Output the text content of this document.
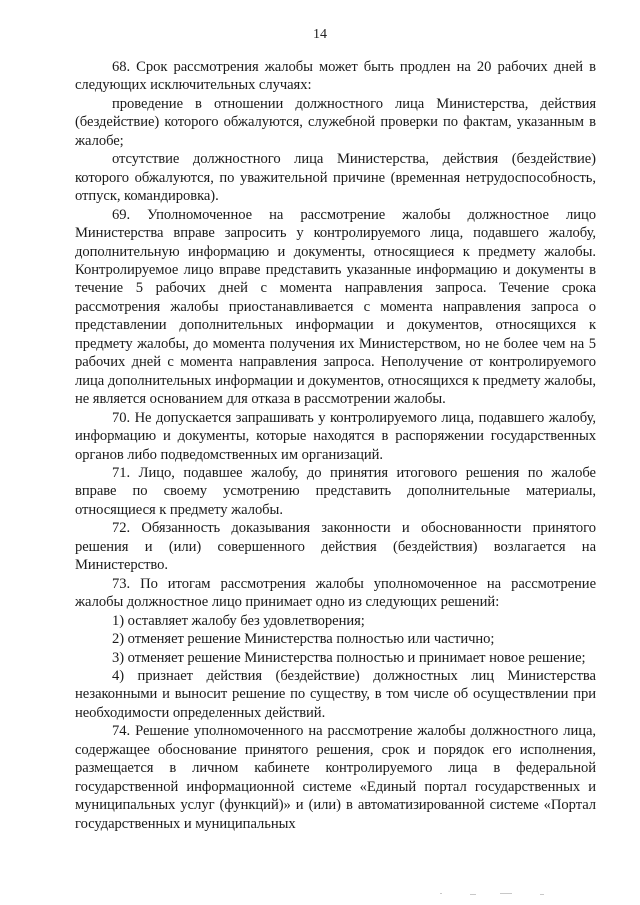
14

68. Срок рассмотрения жалобы может быть продлен на 20 рабочих дней в следующих исключительных случаях:

проведение в отношении должностного лица Министерства, действия (бездействие) которого обжалуются, служебной проверки по фактам, указанным в жалобе;

отсутствие должностного лица Министерства, действия (бездействие) которого обжалуются, по уважительной причине (временная нетрудоспособность, отпуск, командировка).

69. Уполномоченное на рассмотрение жалобы должностное лицо Министерства вправе запросить у контролируемого лица, подавшего жалобу, дополнительную информацию и документы, относящиеся к предмету жалобы. Контролируемое лицо вправе представить указанные информацию и документы в течение 5 рабочих дней с момента направления запроса. Течение срока рассмотрения жалобы приостанавливается с момента направления запроса о представлении дополнительных информации и документов, относящихся к предмету жалобы, до момента получения их Министерством, но не более чем на 5 рабочих дней с момента направления запроса. Неполучение от контролируемого лица дополнительных информации и документов, относящихся к предмету жалобы, не является основанием для отказа в рассмотрении жалобы.

70. Не допускается запрашивать у контролируемого лица, подавшего жалобу, информацию и документы, которые находятся в распоряжении государственных органов либо подведомственных им организаций.

71. Лицо, подавшее жалобу, до принятия итогового решения по жалобе вправе по своему усмотрению представить дополнительные материалы, относящиеся к предмету жалобы.

72. Обязанность доказывания законности и обоснованности принятого решения и (или) совершенного действия (бездействия) возлагается на Министерство.

73. По итогам рассмотрения жалобы уполномоченное на рассмотрение жалобы должностное лицо принимает одно из следующих решений:

1) оставляет жалобу без удовлетворения;

2) отменяет решение Министерства полностью или частично;

3) отменяет решение Министерства полностью и принимает новое решение;

4) признает действия (бездействие) должностных лиц Министерства незаконными и выносит решение по существу, в том числе об осуществлении при необходимости определенных действий.

74. Решение уполномоченного на рассмотрение жалобы должностного лица, содержащее обоснование принятого решения, срок и порядок его исполнения, размещается в личном кабинете контролируемого лица в федеральной государственной информационной системе «Единый портал государственных и муниципальных услуг (функций)» и (или) в автоматизированной системе «Портал государственных и муниципальных
